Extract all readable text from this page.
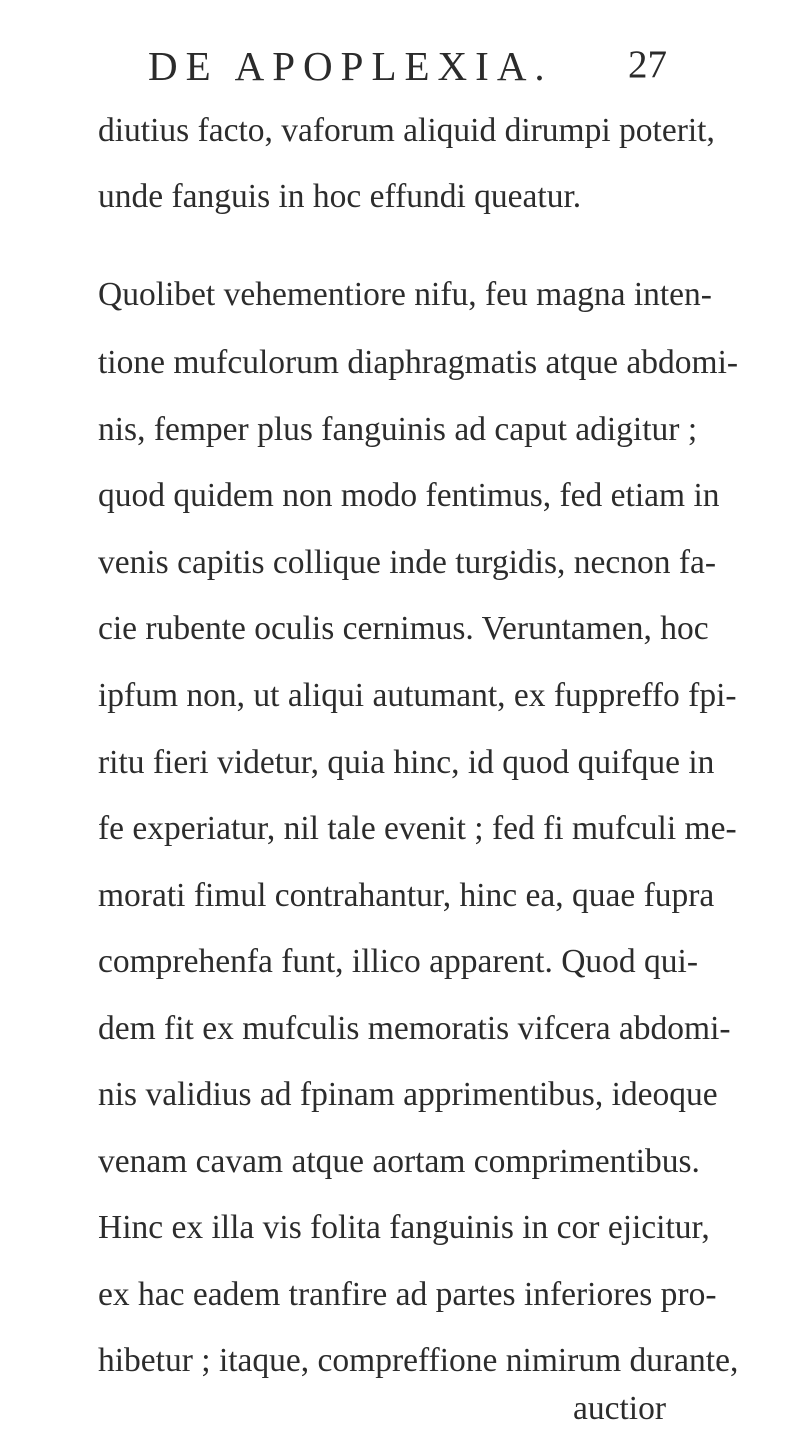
DE APOPLEXIA. 27
diutius facto, vaforum aliquid dirumpi poterit,
unde fanguis in hoc effundi queatur.
Quolibet vehementiore nifu, feu magna inten-
tione mufculorum diaphragmatis atque abdomi-
nis, femper plus fanguinis ad caput adigitur ;
quod quidem non modo fentimus, fed etiam in
venis capitis collique inde turgidis, necnon fa-
cie rubente oculis cernimus. Veruntamen, hoc
ipfum non, ut aliqui autumant, ex fuppreffo fpi-
ritu fieri videtur, quia hinc, id quod quifque in
fe experiatur, nil tale evenit ; fed fi mufculi me-
morati fimul contrahantur, hinc ea, quae fupra
comprehenfa funt, illico apparent. Quod qui-
dem fit ex mufculis memoratis vifcera abdomi-
nis validius ad fpinam apprimentibus, ideoque
venam cavam atque aortam comprimentibus.
Hinc ex illa vis folita fanguinis in cor ejicitur,
ex hac eadem tranfire ad partes inferiores pro-
hibetur ; itaque, compreffione nimirum durante,
auctior
